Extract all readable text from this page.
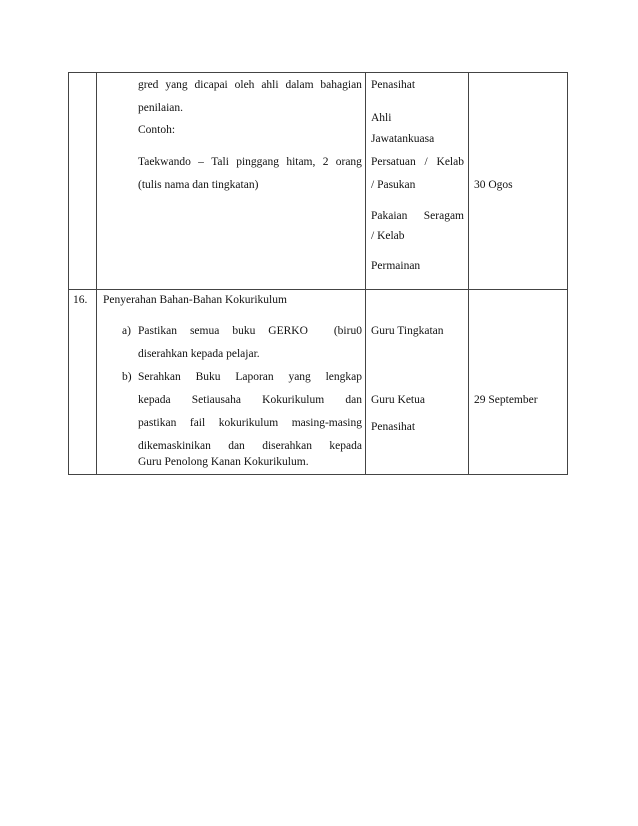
gred yang dicapai oleh ahli dalam bahagian
penilaian.
Contoh:
Taekwando – Tali pinggang hitam, 2 orang
(tulis nama dan tingkatan)
Penasihat
Ahli
Jawatankuasa
Persatuan / Kelab
/ Pasukan
Pakaian Seragam
/ Kelab
Permainan
30 Ogos
16. Penyerahan Bahan-Bahan Kokurikulum
a) Pastikan semua buku GERKO (biru0
diserahkan kepada pelajar.
b) Serahkan Buku Laporan yang lengkap
kepada Setiausaha Kokurikulum dan
pastikan fail kokurikulum masing-masing
dikemaskinikan dan diserahkan kepada
Guru Penolong Kanan Kokurikulum.
Guru Tingkatan
Guru Ketua
Penasihat
29 September
